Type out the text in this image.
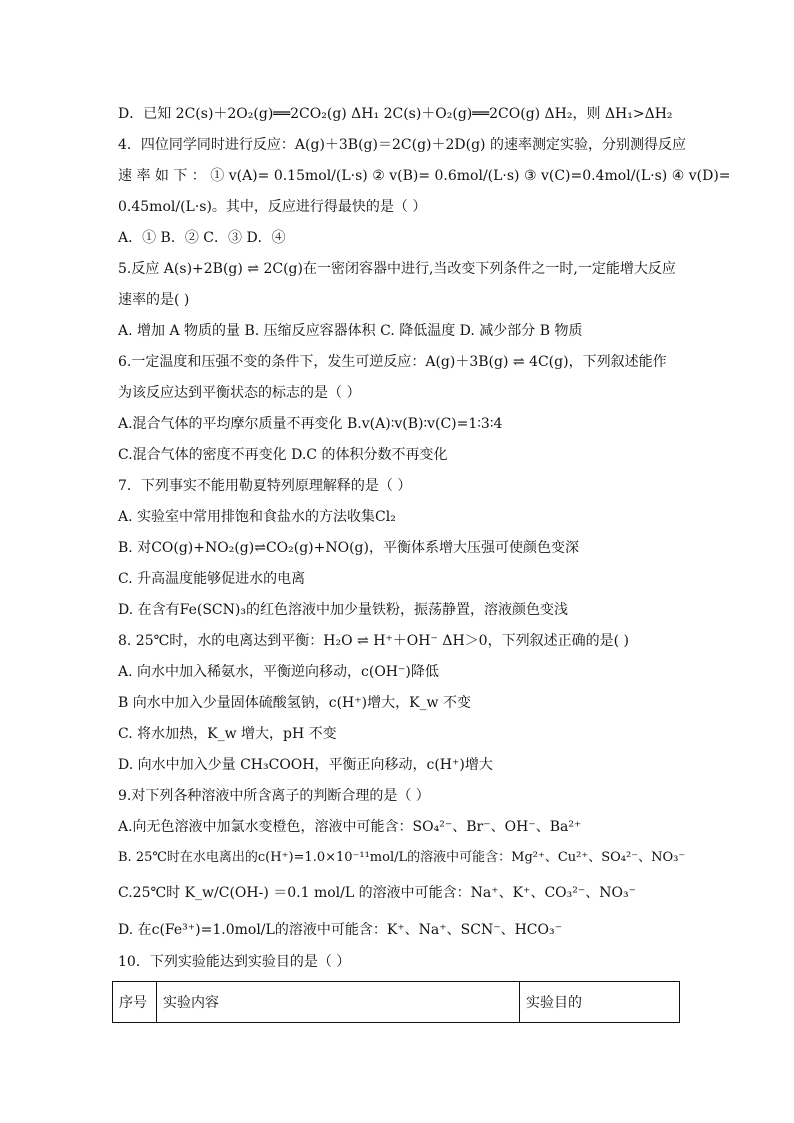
D．已知 2C(s)＋2O₂(g)══2CO₂(g) ΔH₁ 2C(s)＋O₂(g)══2CO(g) ΔH₂，则 ΔH₁>ΔH₂
4．四位同学同时进行反应：A(g)＋3B(g)＝2C(g)＋2D(g) 的速率测定实验，分别测得反应
速 率 如 下 ： ① v(A)= 0.15mol/(L·s) ② v(B)= 0.6mol/(L·s) ③ v(C)=0.4mol/(L·s) ④ v(D)=
0.45mol/(L·s)。其中，反应进行得最快的是（ ）
A．① B．② C．③ D．④
5.反应 A(s)+2B(g) ⇌ 2C(g)在一密闭容器中进行,当改变下列条件之一时,一定能增大反应
速率的是( )
A. 增加 A 物质的量 B. 压缩反应容器体积 C. 降低温度 D. 减少部分 B 物质
6.一定温度和压强不变的条件下，发生可逆反应：A(g)＋3B(g) ⇌ 4C(g)，下列叙述能作
为该反应达到平衡状态的标志的是（ ）
A.混合气体的平均摩尔质量不再变化 B.v(A)∶v(B)∶v(C)=1∶3∶4
C.混合气体的密度不再变化 D.C 的体积分数不再变化
7．下列事实不能用勒夏特列原理解释的是（ ）
A. 实验室中常用排饱和食盐水的方法收集Cl₂
B. 对CO(g)+NO₂(g)⇌CO₂(g)+NO(g)，平衡体系增大压强可使颜色变深
C. 升高温度能够促进水的电离
D. 在含有Fe(SCN)₃的红色溶液中加少量铁粉，振荡静置，溶液颜色变浅
8. 25℃时，水的电离达到平衡：H₂O ⇌ H⁺＋OH⁻ ΔH＞0，下列叙述正确的是( )
A. 向水中加入稀氨水，平衡逆向移动，c(OH⁻)降低
B 向水中加入少量固体硫酸氢钠，c(H⁺)增大，K_w 不变
C. 将水加热，K_w 增大，pH 不变
D. 向水中加入少量 CH₃COOH，平衡正向移动，c(H⁺)增大
9.对下列各种溶液中所含离子的判断合理的是（ ）
A.向无色溶液中加氯水变橙色，溶液中可能含：SO₄²⁻、Br⁻、OH⁻、Ba²⁺
B. 25℃时在水电离出的c(H⁺)=1.0×10⁻¹¹mol/L的溶液中可能含：Mg²⁺、Cu²⁺、SO₄²⁻、NO₃⁻
C.25℃时 K_w/C(OH-) ＝0.1 mol/L 的溶液中可能含：Na⁺、K⁺、CO₃²⁻、NO₃⁻
D. 在c(Fe³⁺)=1.0mol/L的溶液中可能含：K⁺、Na⁺、SCN⁻、HCO₃⁻
10．下列实验能达到实验目的是（ ）
序号	实验内容	实验目的
